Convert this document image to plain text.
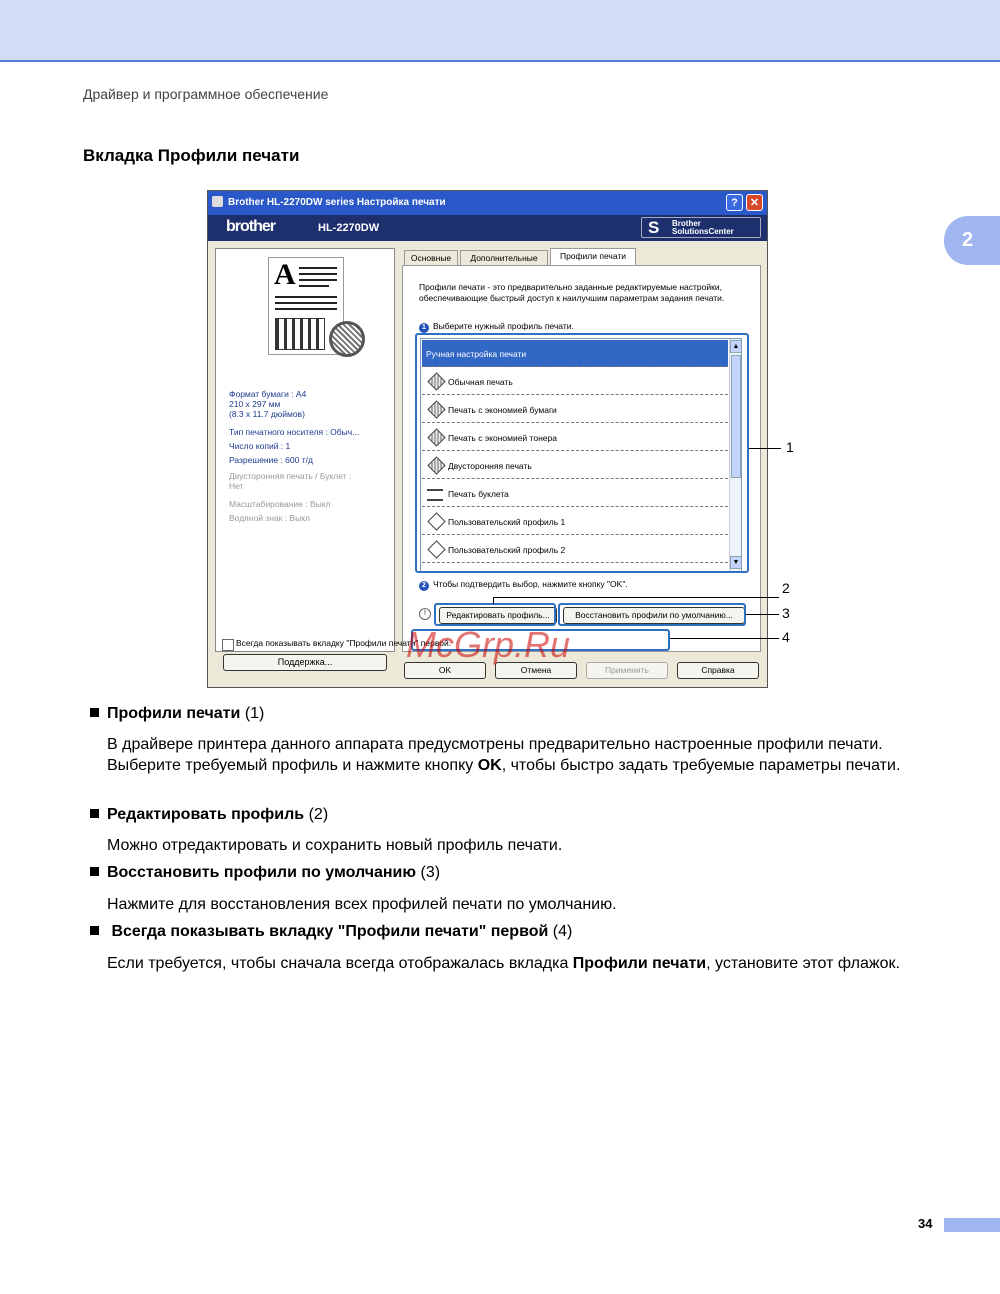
Драйвер и программное обеспечение
Вкладка Профили печати
2
Brother HL-2270DW series Настройка печати	?	✕
brother	HL-2270DW	S Brother
SolutionsCenter
A
Формат бумаги : A4
210 x 297 мм
(8.3 x 11.7 дюймов)
Тип печатного носителя : Обыч...
Число копий : 1
Разрешение : 600 т/д
Двусторонняя печать / Буклет :
Нет
Масштабирование : Выкл
Водяной знак : Выкл
Поддержка...
Основные	Дополнительные	Профили печати
Профили печати - это предварительно заданные редактируемые настройки, обеспечивающие быстрый доступ к наилучшим параметрам задания печати.
1 Выберите нужный профиль печати.
Ручная настройка печати
Обычная печать
Печать с экономией бумаги
Печать с экономией тонера
Двусторонняя печать
Печать буклета
Пользовательский профиль 1
Пользовательский профиль 2
▲
▼
2 Чтобы подтвердить выбор, нажмите кнопку "OK".
!	Редактировать профиль...	Восстановить профили по умолчанию...
Всегда показывать вкладку "Профили печати" первой.
OK	Отмена	Применить	Справка
1
2
3
4
McGrp.Ru
Профили печати (1)
В драйвере принтера данного аппарата предусмотрены предварительно настроенные профили печати. Выберите требуемый профиль и нажмите кнопку OK, чтобы быстро задать требуемые параметры печати.
Редактировать профиль (2)
Можно отредактировать и сохранить новый профиль печати.
Восстановить профили по умолчанию (3)
Нажмите для восстановления всех профилей печати по умолчанию.
Всегда показывать вкладку "Профили печати" первой (4)
Если требуется, чтобы сначала всегда отображалась вкладка Профили печати, установите этот флажок.
34
